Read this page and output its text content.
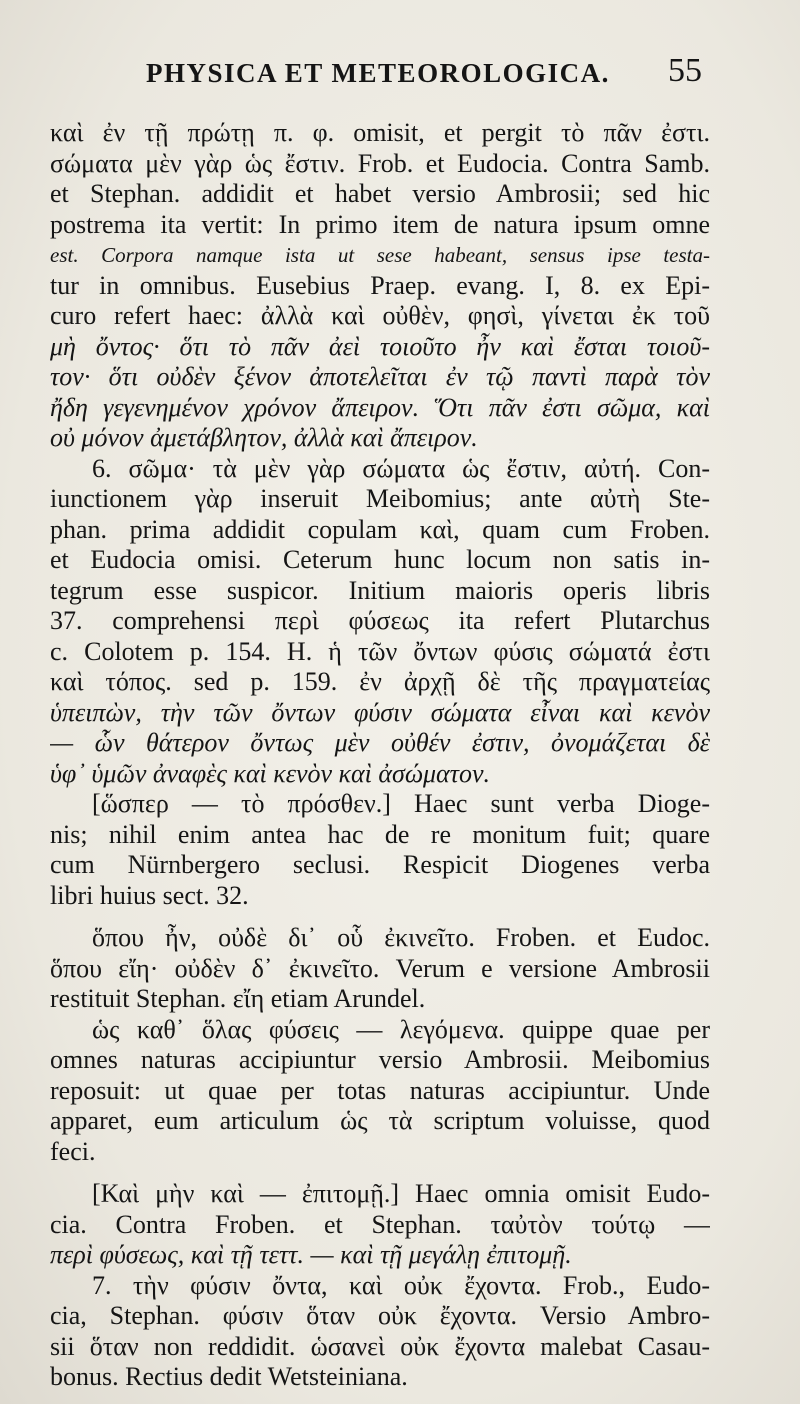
PHYSICA ET METEOROLOGICA. 55
καὶ ἐν τῇ πρώτῃ π. φ. omisit, et pergit τὸ πᾶν ἐστι.
σώματα μὲν γὰρ ὡς ἔστιν. Frob. et Eudocia. Contra Samb.
et Stephan. addidit et habet versio Ambrosii; sed hic
postrema ita vertit: In primo item de natura ipsum omne
est. Corpora namque ista ut sese habeant, sensus ipse testa-
tur in omnibus. Eusebius Praep. evang. I, 8. ex Epi-
curo refert haec: ἀλλὰ καὶ οὐθὲν, φησὶ, γίνεται ἐκ τοῦ
μὴ ὄντος· ὅτι τὸ πᾶν ἀεὶ τοιοῦτο ἦν καὶ ἔσται τοιοῦ-
τον· ὅτι οὐδὲν ξένον ἀποτελεῖται ἐν τῷ παντὶ παρὰ τὸν
ἤδη γεγενημένον χρόνον ἄπειρον. Ὅτι πᾶν ἐστι σῶμα, καὶ
οὐ μόνον ἀμετάβλητον, ἀλλὰ καὶ ἄπειρον.
6. σῶμα· τὰ μὲν γὰρ σώματα ὡς ἔστιν, αὐτή. Con-
iunctionem γὰρ inseruit Meibomius; ante αὐτὴ Ste-
phan. prima addidit copulam καὶ, quam cum Froben.
et Eudocia omisi. Ceterum hunc locum non satis in-
tegrum esse suspicor. Initium maioris operis libris
37. comprehensi περὶ φύσεως ita refert Plutarchus
c. Colotem p. 154. H. ἡ τῶν ὄντων φύσις σώματά ἐστι
καὶ τόπος. sed p. 159. ἐν ἀρχῇ δὲ τῆς πραγματείας
ὑπειπὼν, τὴν τῶν ὄντων φύσιν σώματα εἶναι καὶ κενὸν
— ὧν θάτερον ὄντως μὲν οὐθέν ἐστιν, ὀνομάζεται δὲ
ὑφ᾽ ὑμῶν ἀναφὲς καὶ κενὸν καὶ ἀσώματον.
[ὥσπερ — τὸ πρόσθεν.] Haec sunt verba Dioge-
nis; nihil enim antea hac de re monitum fuit; quare
cum Nürnbergero seclusi. Respicit Diogenes verba
libri huius sect. 32.
ὅπου ἦν, οὐδὲ δι᾽ οὗ ἐκινεῖτο. Froben. et Eudoc.
ὅπου εἴη· οὐδὲν δ᾽ ἐκινεῖτο. Verum e versione Ambrosii
restituit Stephan. εἴη etiam Arundel.
ὡς καθ᾽ ὅλας φύσεις — λεγόμενα. quippe quae per
omnes naturas accipiuntur versio Ambrosii. Meibomius
reposuit: ut quae per totas naturas accipiuntur. Unde
apparet, eum articulum ὡς τὰ scriptum voluisse, quod
feci.
[Καὶ μὴν καὶ — ἐπιτομῇ.] Haec omnia omisit Eudo-
cia. Contra Froben. et Stephan. ταὐτὸν τούτῳ —
περὶ φύσεως, καὶ τῇ τεττ. — καὶ τῇ μεγάλῃ ἐπιτομῇ.
7. τὴν φύσιν ὄντα, καὶ οὐκ ἔχοντα. Frob., Eudo-
cia, Stephan. φύσιν ὅταν οὐκ ἔχοντα. Versio Ambro-
sii ὅταν non reddidit. ὡσανεὶ οὐκ ἔχοντα malebat Casau-
bonus. Rectius dedit Wetsteiniana.
